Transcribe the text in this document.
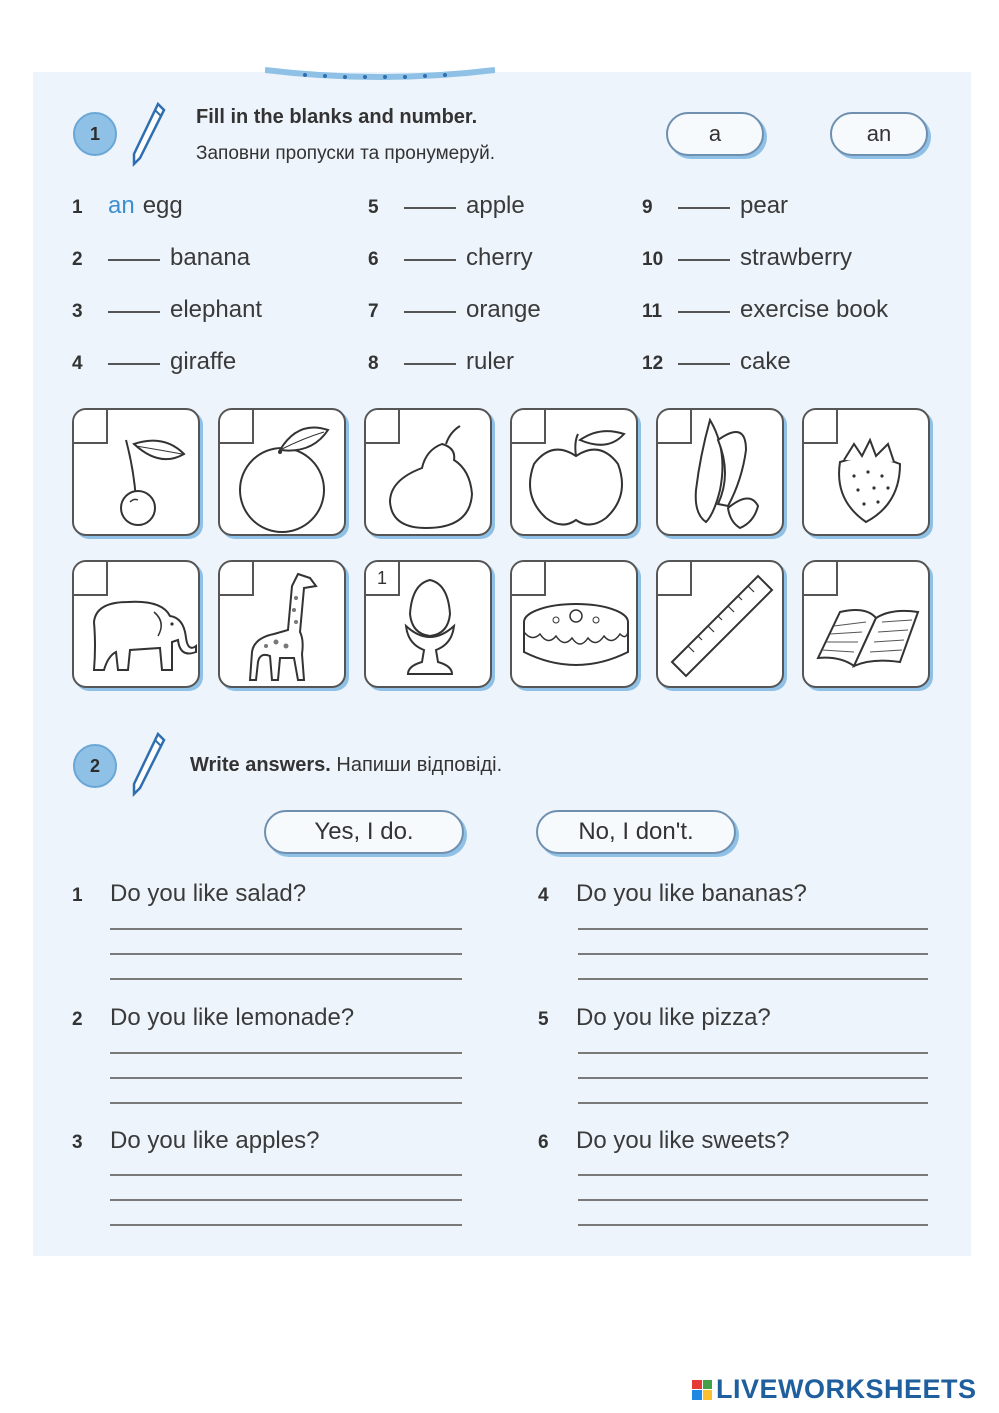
1
Fill in the blanks and number.
Заповни пропуски та пронумеруй.
a	an
1	an egg
2	banana
3	elephant
4	giraffe
5	apple
6	cherry
7	orange
8	ruler
9	pear
10	strawberry
11	exercise book
12	cake
1
2	Write answers. Напиши відповіді.
Yes, I do.	No, I don't.
1	Do you like salad?
2	Do you like lemonade?
3	Do you like apples?
4	Do you like bananas?
5	Do you like pizza?
6	Do you like sweets?
LIVEWORKSHEETS
